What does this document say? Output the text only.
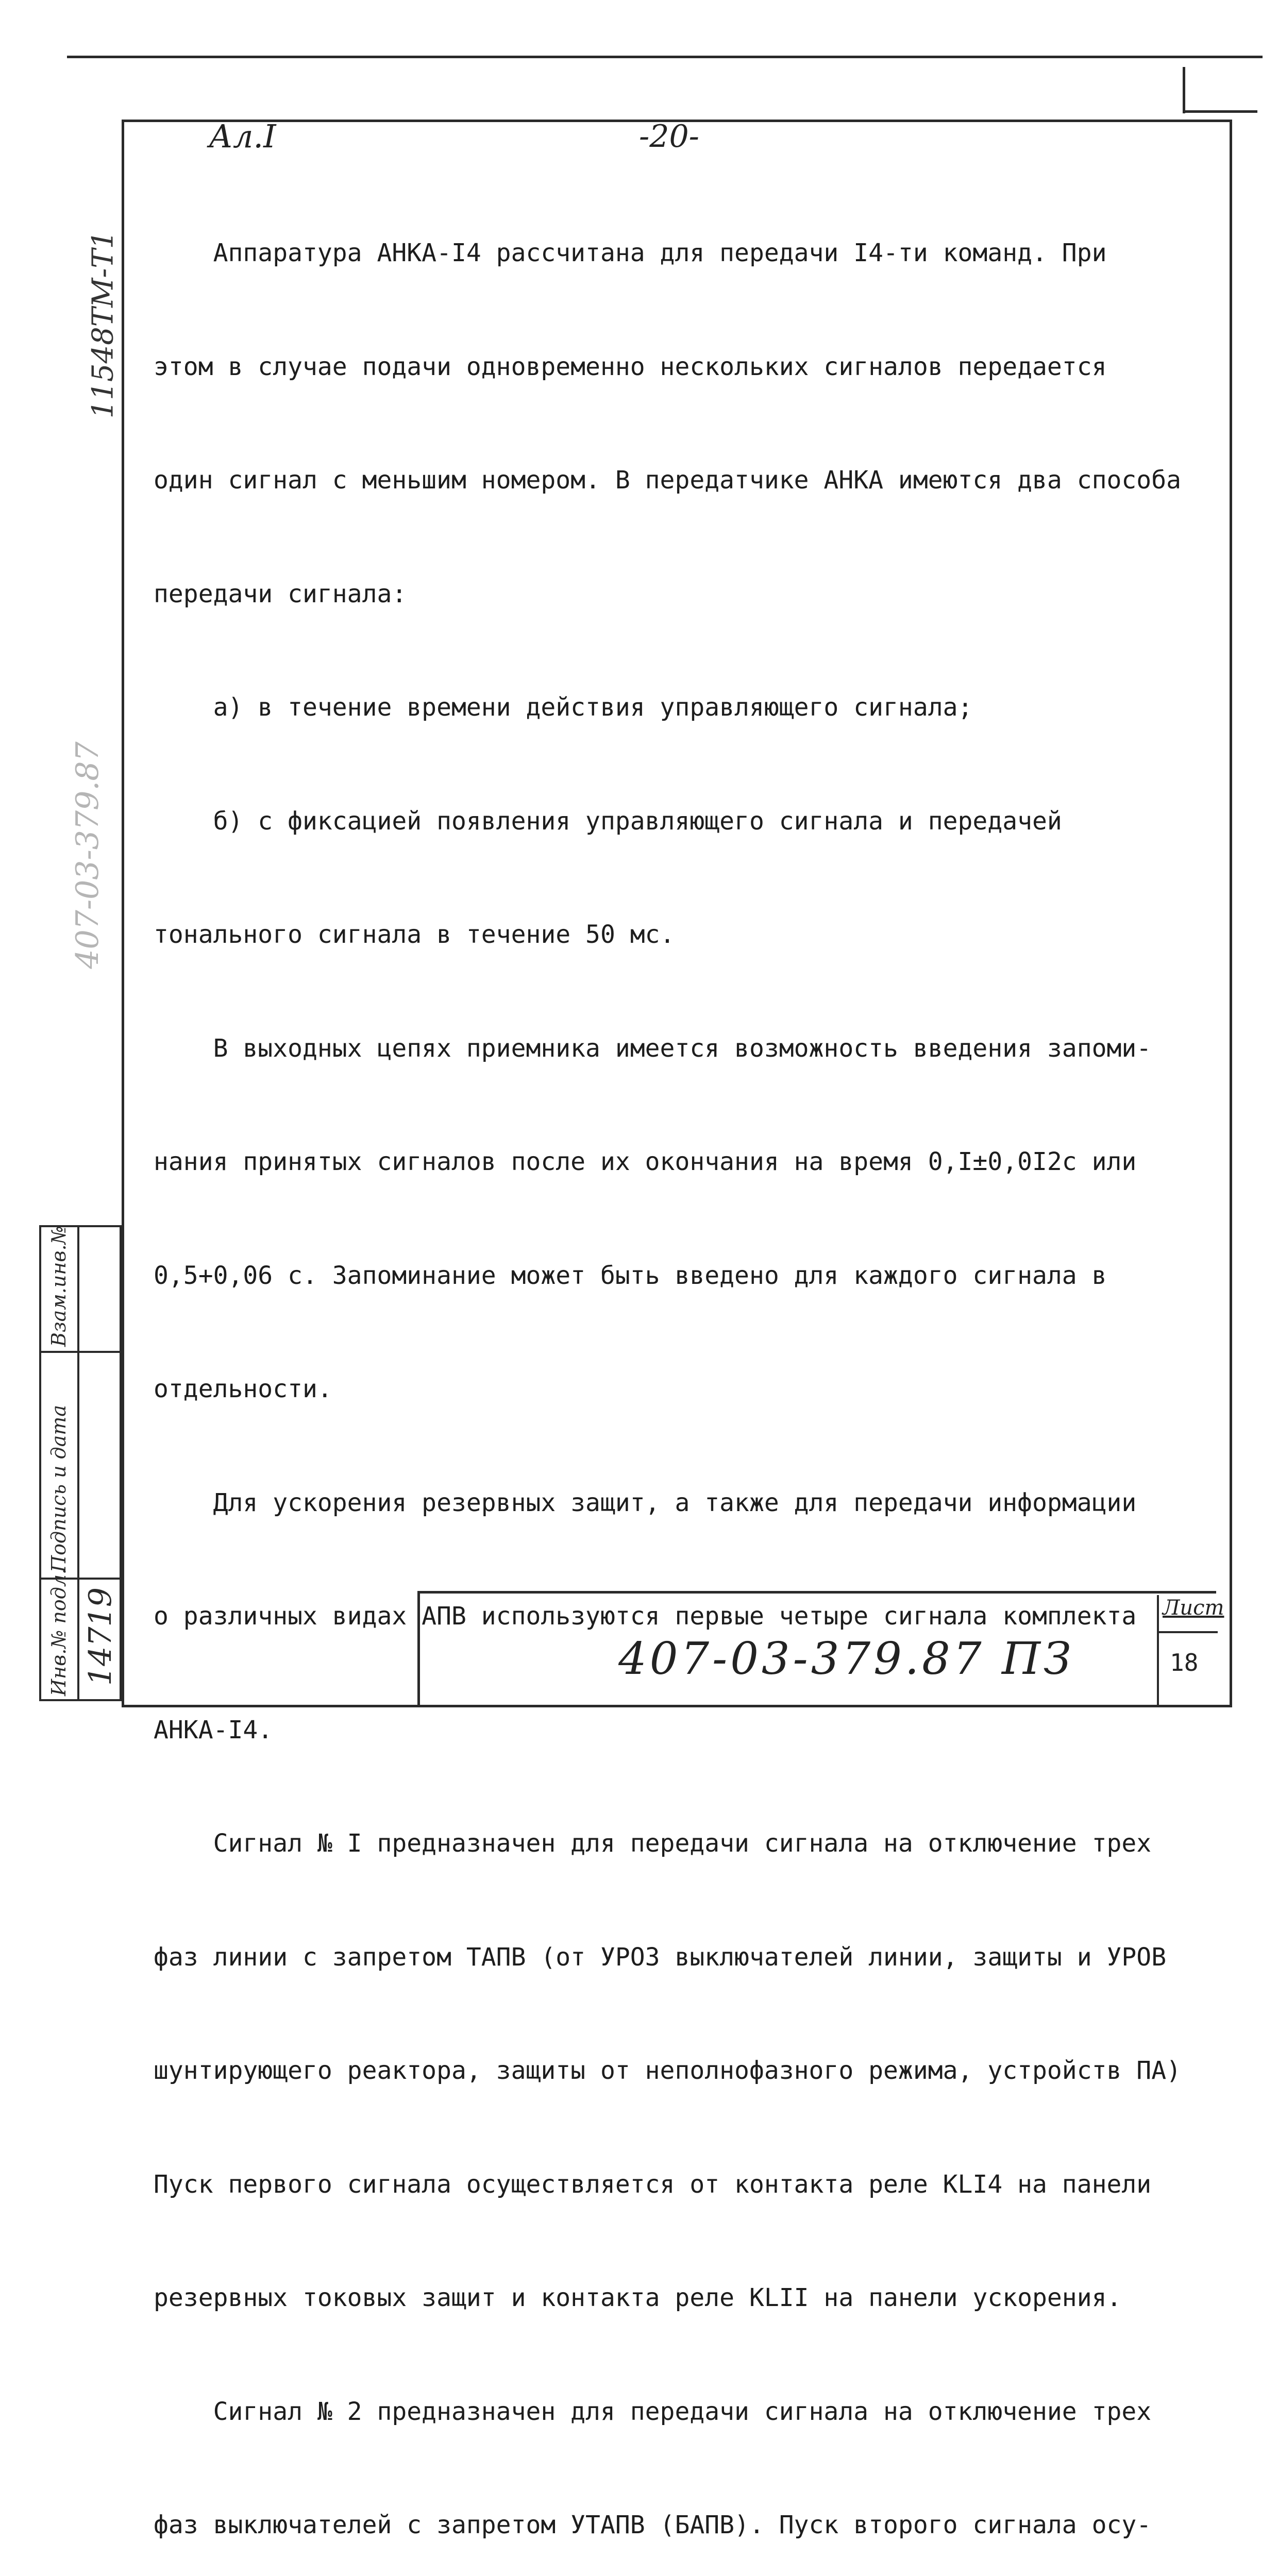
Ал.I	-20-
11548ТМ-Т1
407-03-379.87

Аппаратура АНКА-I4 рассчитана для передачи I4-ти команд. При

этом в случае подачи одновременно нескольких сигналов передается

один сигнал с меньшим номером. В передатчике АНКА имеются два способа

передачи сигнала:

а) в течение времени действия управляющего сигнала;

б) с фиксацией появления управляющего сигнала и передачей

тонального сигнала в течение 50 мс.

В выходных цепях приемника имеется возможность введения запоми-

нания принятых сигналов после их окончания на время 0,I±0,0I2с или

0,5+0,06 с. Запоминание может быть введено для каждого сигнала в

отдельности.

Для ускорения резервных защит, а также для передачи информации

о различных видах АПВ используются первые четыре сигнала комплекта

АНКА-I4.

Сигнал № I предназначен для передачи сигнала на отключение трех

фаз линии с запретом ТАПВ (от УРОЗ выключателей линии, защиты и УРОВ

шунтирующего реактора, защиты от неполнофазного режима, устройств ПА)

Пуск первого сигнала осуществляется от контакта реле KLI4 на панели

резервных токовых защит и контакта реле KLII на панели ускорения.

Сигнал № 2 предназначен для передачи сигнала на отключение трех

фаз выключателей с запретом УТАПВ (БАПВ). Пуск второго сигнала осу-

Инв.№ подл.
Подпись и дата
Взам.инв.№
14719	407-03-379.87 ПЗ
Лист
18
